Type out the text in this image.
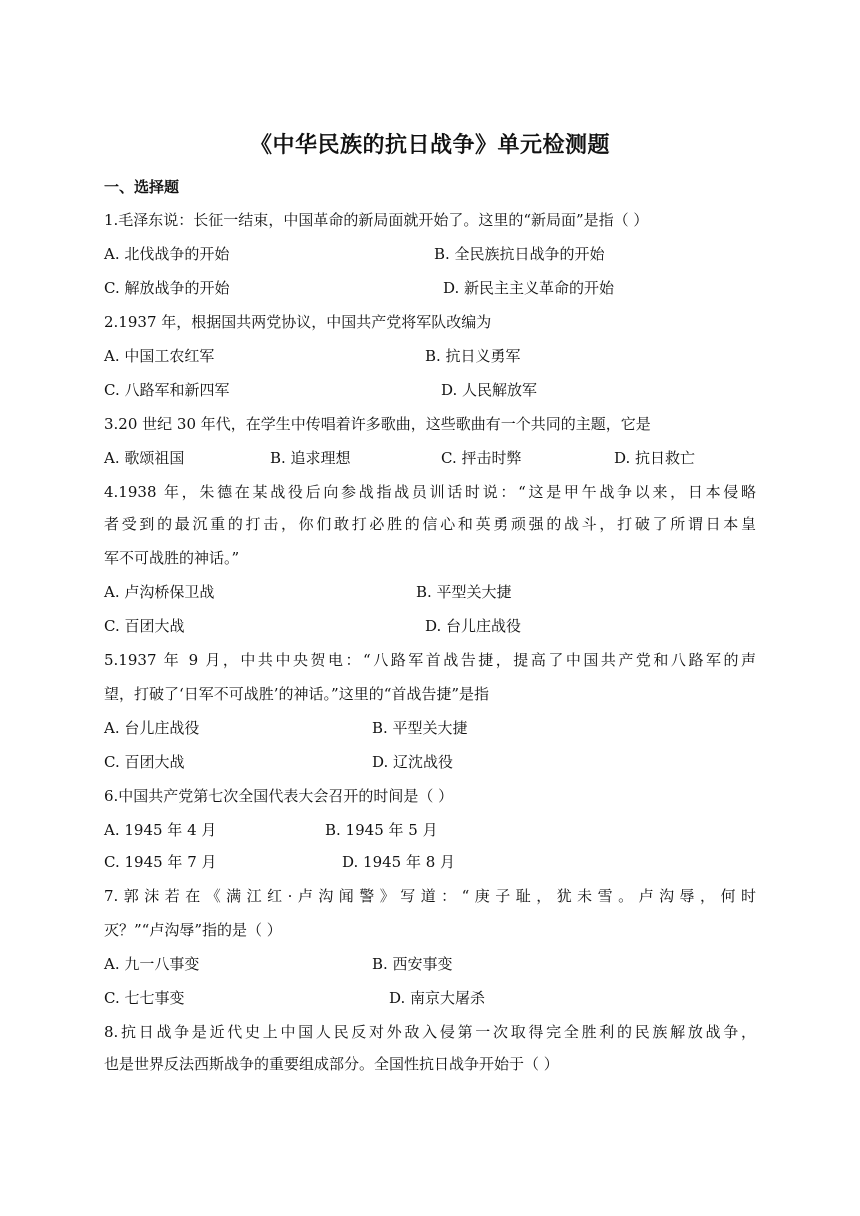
《中华民族的抗日战争》单元检测题
一、选择题
1.毛泽东说：长征一结束，中国革命的新局面就开始了。这里的“新局面”是指（ ）
A. 北伐战争的开始	B. 全民族抗日战争的开始
C. 解放战争的开始	D. 新民主主义革命的开始
2.1937 年，根据国共两党协议，中国共产党将军队改编为
A. 中国工农红军	B. 抗日义勇军
C. 八路军和新四军	D. 人民解放军
3.20 世纪 30 年代，在学生中传唱着许多歌曲，这些歌曲有一个共同的主题，它是
A. 歌颂祖国	B. 追求理想	C. 抨击时弊	D. 抗日救亡
4.1938 年，朱德在某战役后向参战指战员训话时说：“这是甲午战争以来，日本侵略
者受到的最沉重的打击，你们敢打必胜的信心和英勇顽强的战斗，打破了所谓日本皇
军不可战胜的神话。”
A. 卢沟桥保卫战	B. 平型关大捷
C. 百团大战	D. 台儿庄战役
5.1937 年 9 月，中共中央贺电：“八路军首战告捷，提高了中国共产党和八路军的声
望，打破了‘日军不可战胜’的神话。”这里的“首战告捷”是指
A. 台儿庄战役	B. 平型关大捷
C. 百团大战	D. 辽沈战役
6.中国共产党第七次全国代表大会召开的时间是（ ）
A. 1945 年 4 月	B. 1945 年 5 月
C. 1945 年 7 月	D. 1945 年 8 月
7.郭沫若在《满江红·卢沟闻警》写道：“庚子耻，犹未雪。卢沟辱，何时
灭？”“卢沟辱”指的是（ ）
A. 九一八事变	B. 西安事变
C. 七七事变	D. 南京大屠杀
8.抗日战争是近代史上中国人民反对外敌入侵第一次取得完全胜利的民族解放战争，
也是世界反法西斯战争的重要组成部分。全国性抗日战争开始于（ ）
